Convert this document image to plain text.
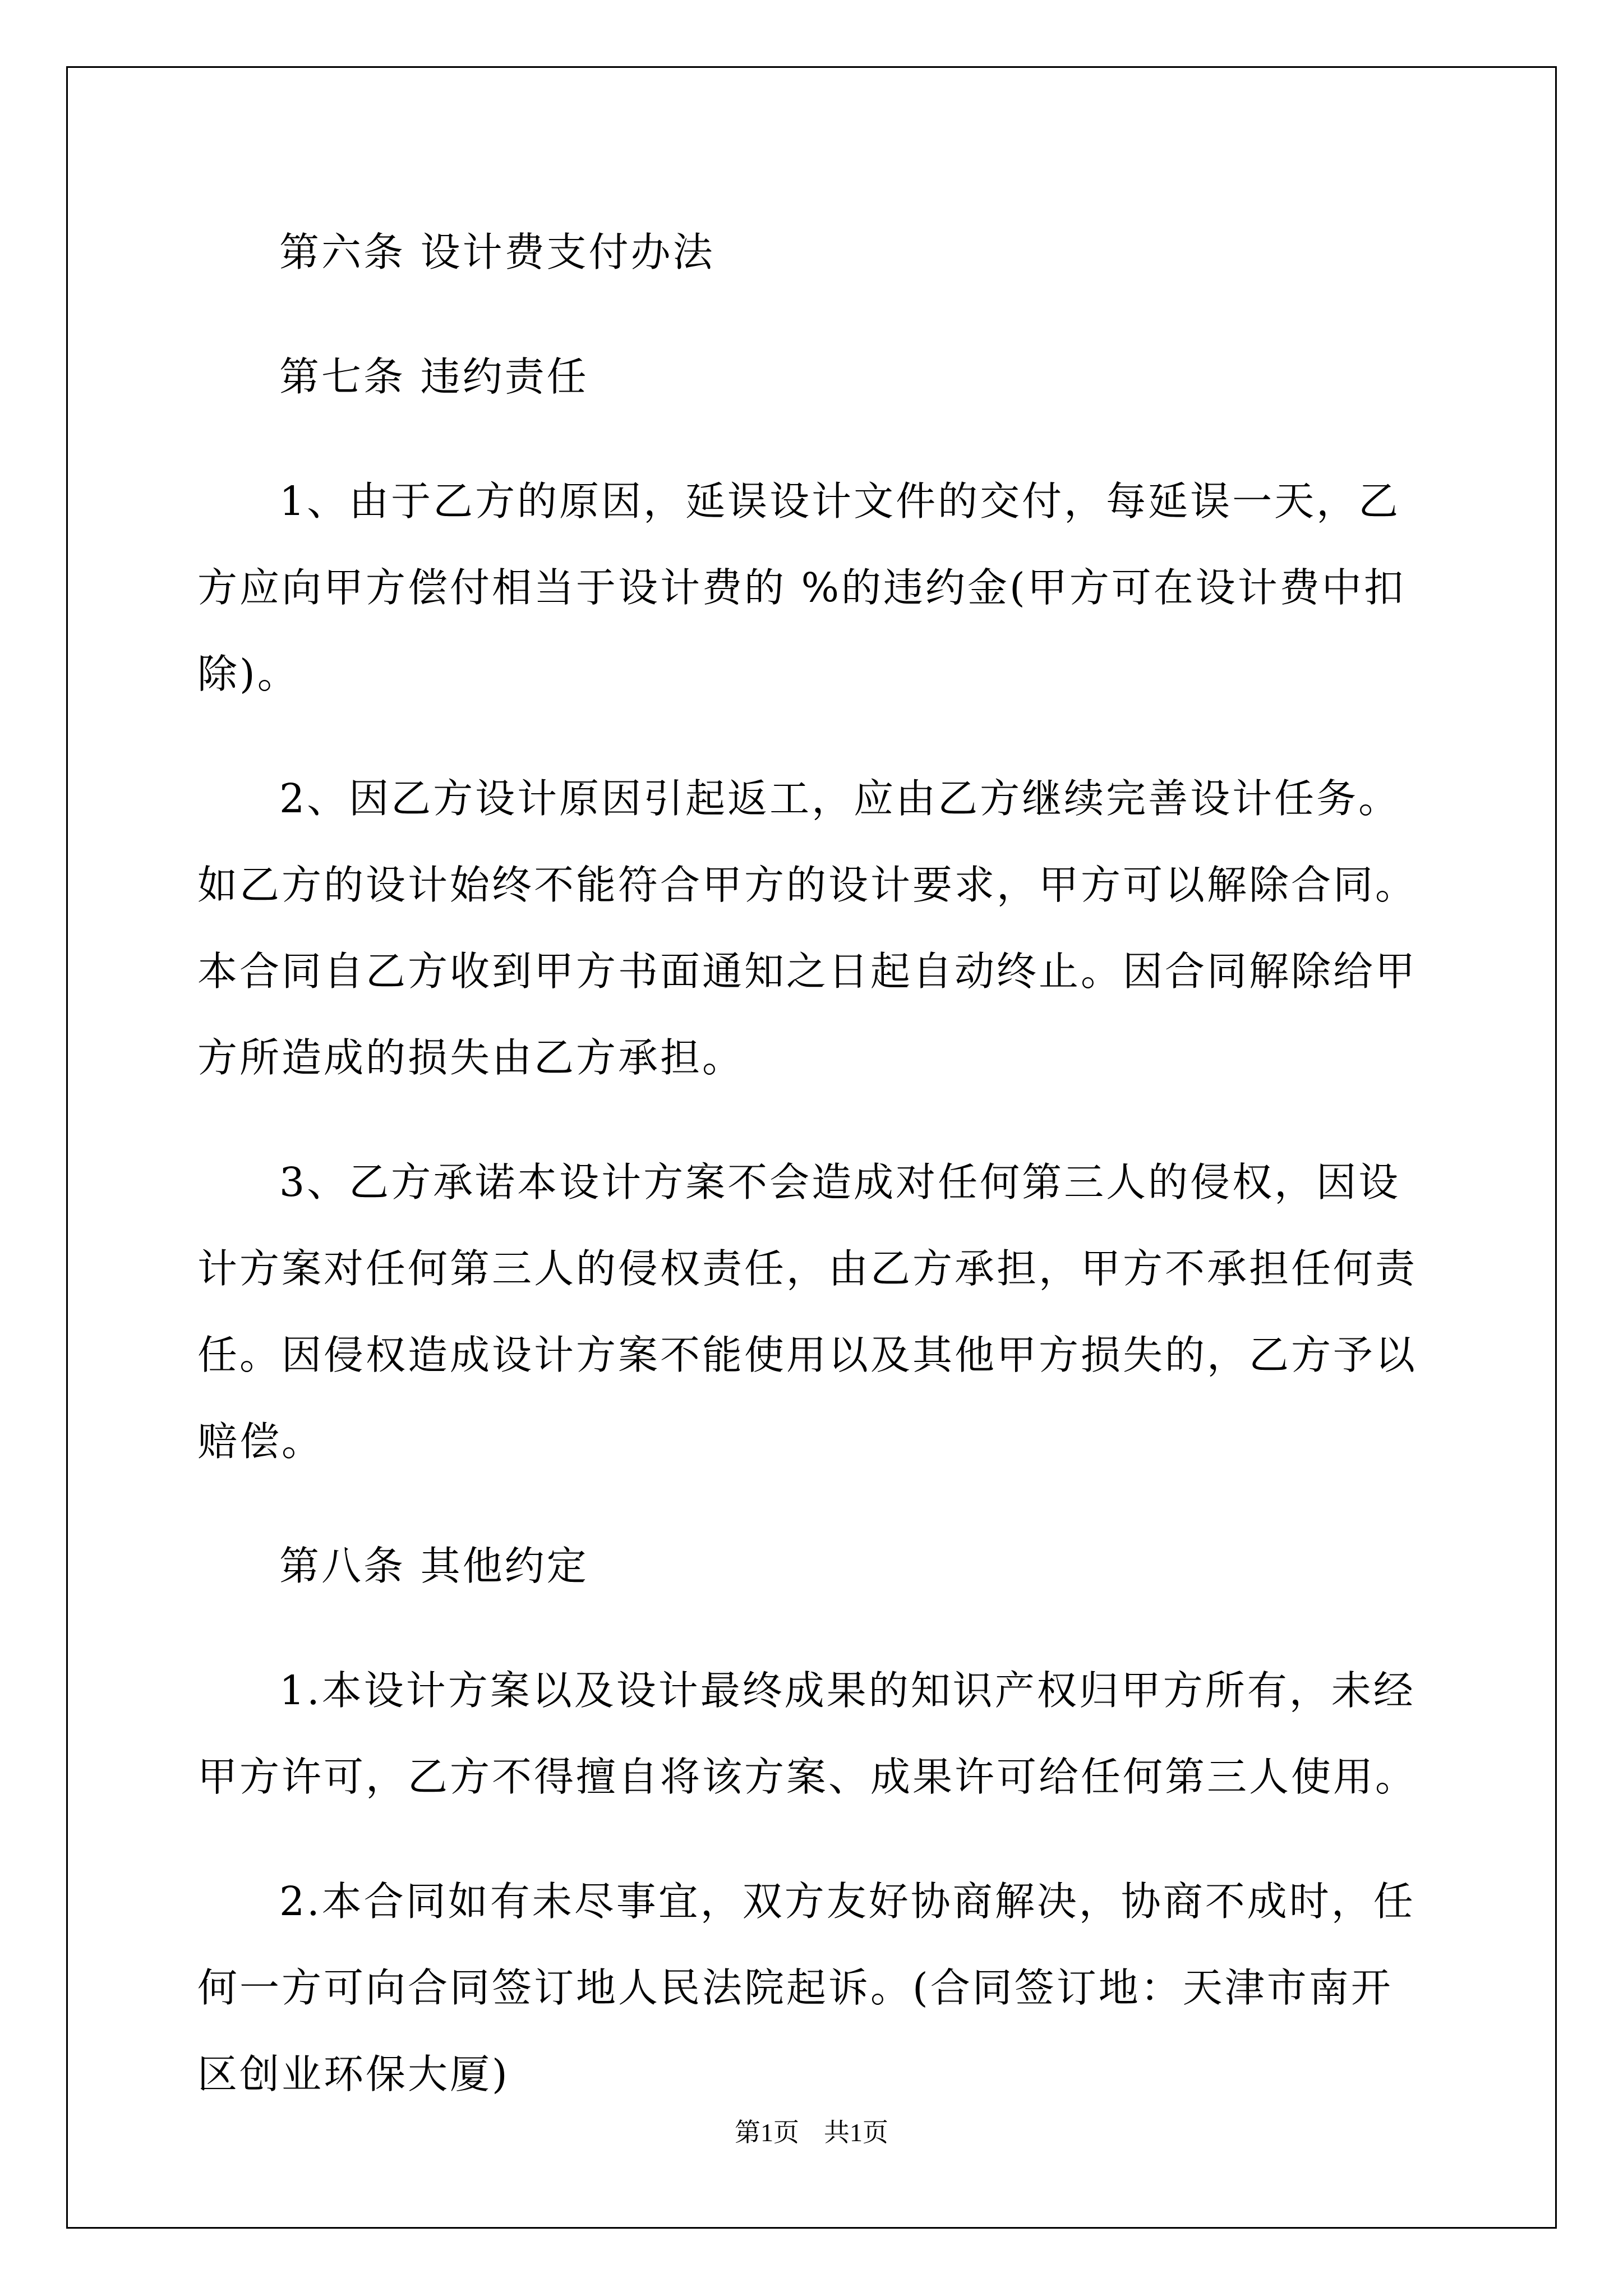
第六条 设计费支付办法

第七条 违约责任

1、由于乙方的原因，延误设计文件的交付，每延误一天，乙方应向甲方偿付相当于设计费的 %的违约金(甲方可在设计费中扣除)。

2、因乙方设计原因引起返工，应由乙方继续完善设计任务。如乙方的设计始终不能符合甲方的设计要求，甲方可以解除合同。本合同自乙方收到甲方书面通知之日起自动终止。因合同解除给甲方所造成的损失由乙方承担。

3、乙方承诺本设计方案不会造成对任何第三人的侵权，因设计方案对任何第三人的侵权责任，由乙方承担，甲方不承担任何责任。因侵权造成设计方案不能使用以及其他甲方损失的，乙方予以赔偿。

第八条 其他约定

1.本设计方案以及设计最终成果的知识产权归甲方所有，未经甲方许可，乙方不得擅自将该方案、成果许可给任何第三人使用。

2.本合同如有未尽事宜，双方友好协商解决，协商不成时，任何一方可向合同签订地人民法院起诉。(合同签订地：天津市南开区创业环保大厦)

第1页 共1页
